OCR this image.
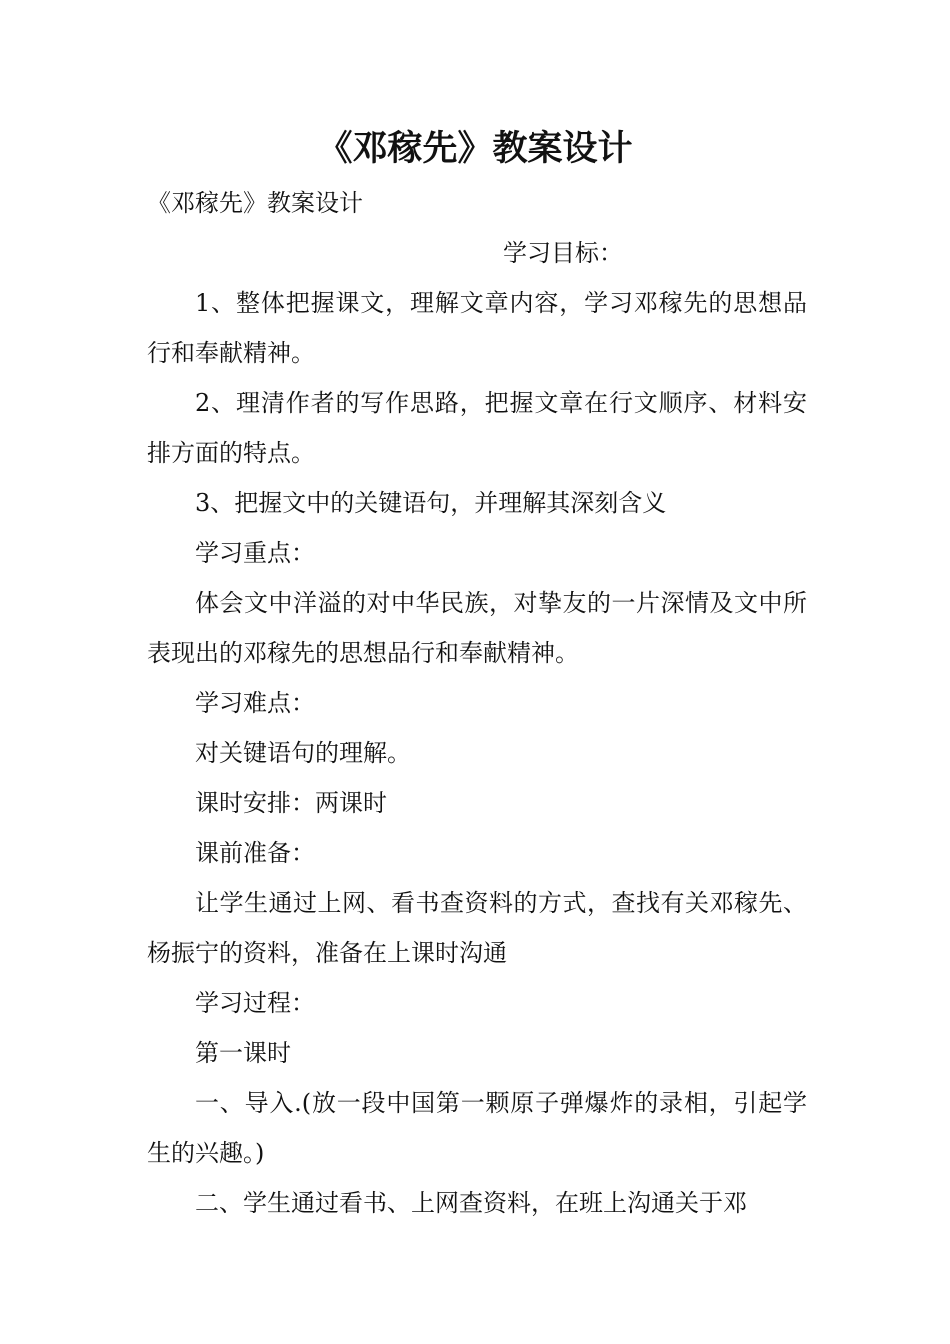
《邓稼先》教案设计

《邓稼先》教案设计

学习目标：

1、整体把握课文，理解文章内容，学习邓稼先的思想品行和奉献精神。

2、理清作者的写作思路，把握文章在行文顺序、材料安排方面的特点。

3、把握文中的关键语句，并理解其深刻含义

学习重点：

体会文中洋溢的对中华民族，对挚友的一片深情及文中所表现出的邓稼先的思想品行和奉献精神。

学习难点：

对关键语句的理解。

课时安排：两课时

课前准备：

让学生通过上网、看书查资料的方式，查找有关邓稼先、杨振宁的资料，准备在上课时沟通

学习过程：

第一课时

一、导入.(放一段中国第一颗原子弹爆炸的录相，引起学生的兴趣。)

二、学生通过看书、上网查资料，在班上沟通关于邓
